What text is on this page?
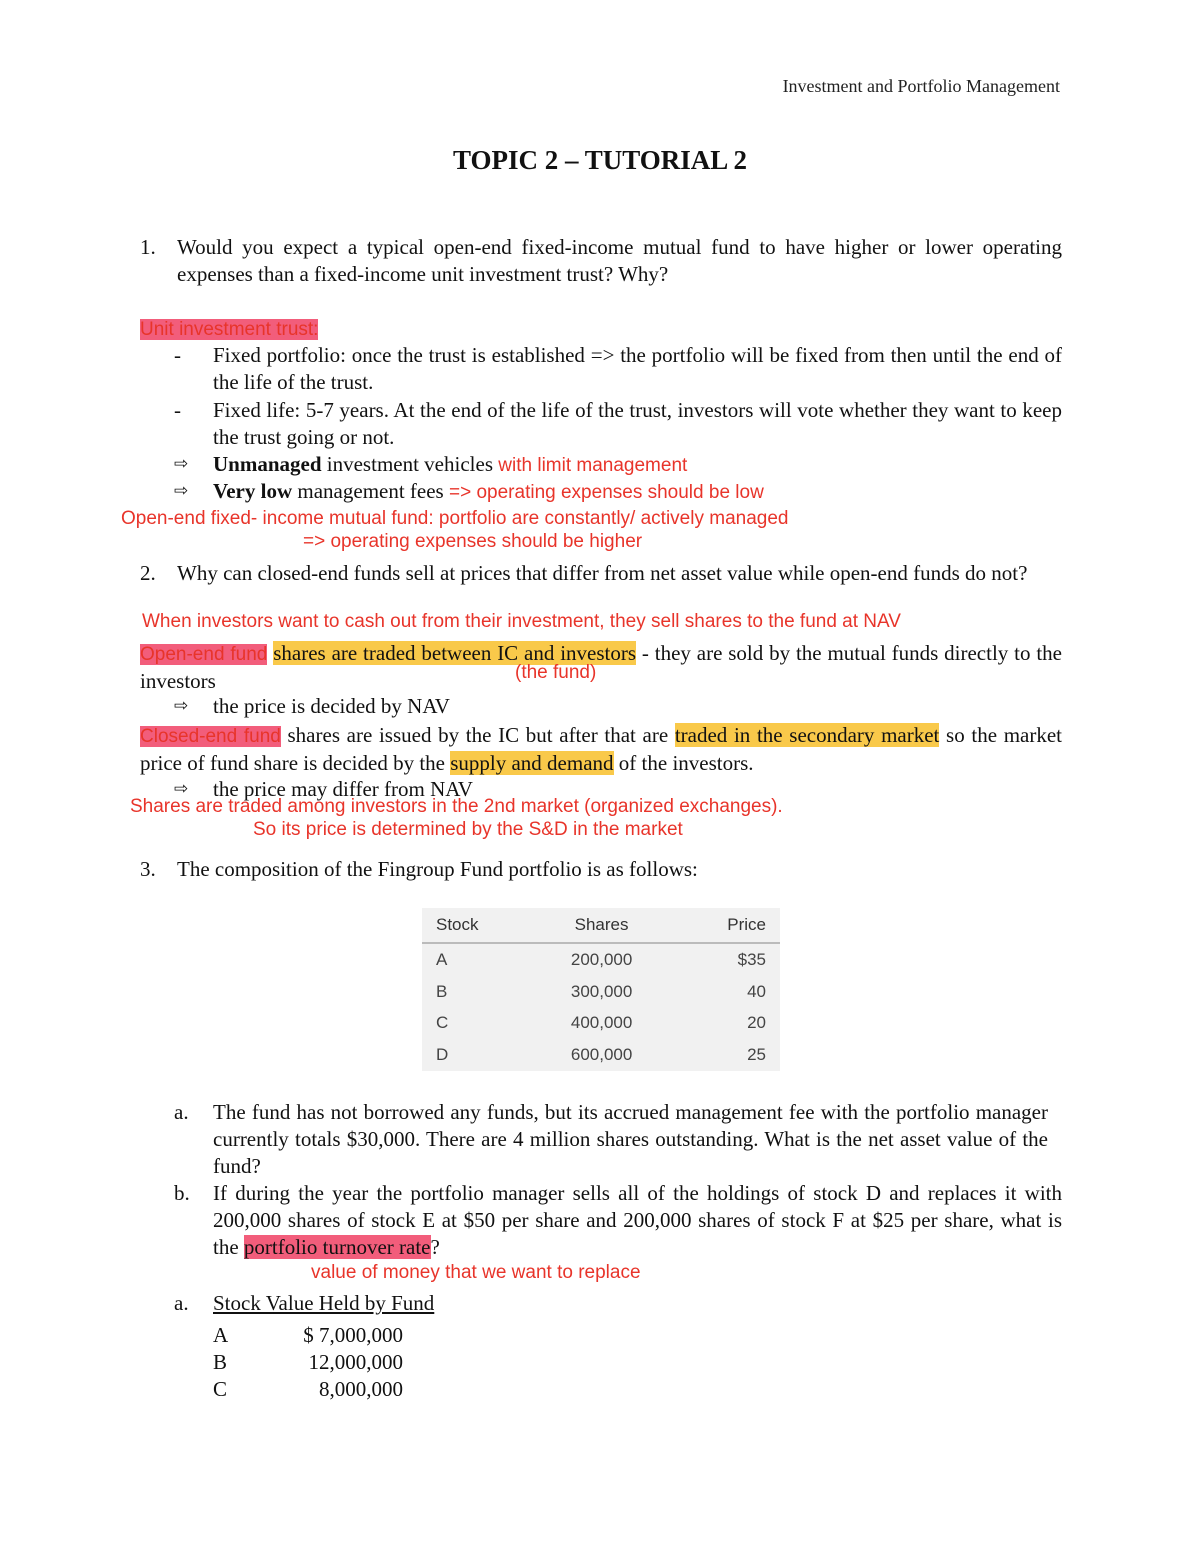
Investment and Portfolio Management
TOPIC 2 – TUTORIAL 2
1. Would you expect a typical open-end fixed-income mutual fund to have higher or lower operating expenses than a fixed-income unit investment trust? Why?
Unit investment trust:
- Fixed portfolio: once the trust is established => the portfolio will be fixed from then until the end of the life of the trust.
- Fixed life: 5-7 years. At the end of the life of the trust, investors will vote whether they want to keep the trust going or not.
⇨ Unmanaged investment vehicles with limit management
⇨ Very low management fees => operating expenses should be low
Open-end fixed- income mutual fund: portfolio are constantly/ actively managed
=> operating expenses should be higher
2. Why can closed-end funds sell at prices that differ from net asset value while open-end funds do not?
When investors want to cash out from their investment, they sell shares to the fund at NAV
Open-end fund shares are traded between IC and investors - they are sold by the mutual funds directly to the investors	(the fund)
⇨ the price is decided by NAV
Closed-end fund shares are issued by the IC but after that are traded in the secondary market so the market price of fund share is decided by the supply and demand of the investors.
⇨ the price may differ from NAV
Shares are traded among investors in the 2nd market (organized exchanges).
So its price is determined by the S&D in the market
3. The composition of the Fingroup Fund portfolio is as follows:
Stock	Shares	Price
A	200,000	$35
B	300,000	40
C	400,000	20
D	600,000	25
a. The fund has not borrowed any funds, but its accrued management fee with the portfolio manager currently totals $30,000. There are 4 million shares outstanding. What is the net asset value of the fund?
b. If during the year the portfolio manager sells all of the holdings of stock D and replaces it with 200,000 shares of stock E at $50 per share and 200,000 shares of stock F at $25 per share, what is the portfolio turnover rate?
value of money that we want to replace
a. Stock Value Held by Fund
A	$ 7,000,000
B	12,000,000
C	8,000,000
